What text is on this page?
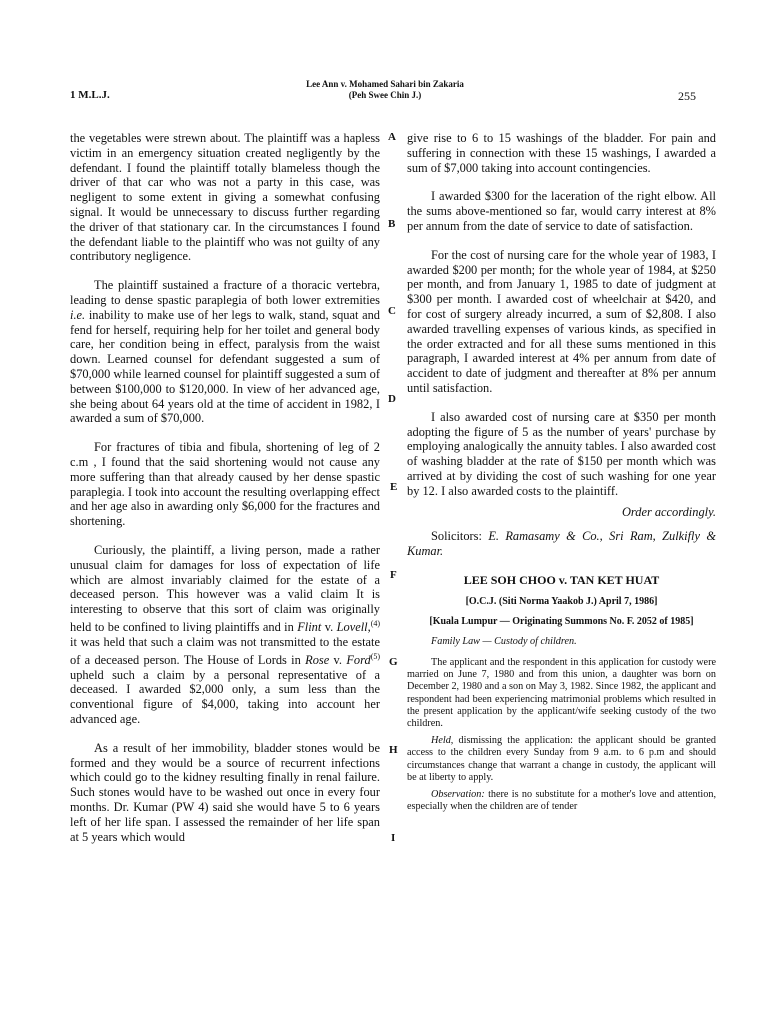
1 M.L.J.
Lee Ann v. Mohamed Sahari bin Zakaria
(Peh Swee Chin J.)	255
A
B
C
D
E
F
G
H
I

the vegetables were strewn about. The plaintiff was a hapless victim in an emergency situation created negligently by the defendant. I found the plaintiff totally blameless though the driver of that car who was not a party in this case, was negligent to some extent in giving a somewhat confusing signal. It would be unnecessary to discuss further regarding the driver of that stationary car. In the circumstances I found the defendant liable to the plaintiff who was not guilty of any contributory negligence.

The plaintiff sustained a fracture of a thoracic vertebra, leading to dense spastic paraplegia of both lower extremities i.e. inability to make use of her legs to walk, stand, squat and fend for herself, requiring help for her toilet and general body care, her condition being in effect, paralysis from the waist down. Learned counsel for defendant suggested a sum of $70,000 while learned counsel for plaintiff suggested a sum of between $100,000 to $120,000. In view of her advanced age, she being about 64 years old at the time of accident in 1982, I awarded a sum of $70,000.

For fractures of tibia and fibula, shortening of leg of 2 c.m , I found that the said shortening would not cause any more suffering than that already caused by her dense spastic paraplegia. I took into account the resulting overlapping effect and her age also in awarding only $6,000 for the fractures and shortening.

Curiously, the plaintiff, a living person, made a rather unusual claim for damages for loss of expectation of life which are almost invariably claimed for the estate of a deceased person. This however was a valid claim It is interesting to observe that this sort of claim was originally held to be confined to living plaintiffs and in Flint v. Lovell,$^{(4)}$ it was held that such a claim was not transmitted to the estate of a deceased person. The House of Lords in Rose v. Ford$^{(5)}$ upheld such a claim by a personal representative of a deceased. I awarded $2,000 only, a sum less than the conventional figure of $4,000, taking into account her advanced age.

As a result of her immobility, bladder stones would be formed and they would be a source of recurrent infections which could go to the kidney resulting finally in renal failure. Such stones would have to be washed out once in every four months. Dr. Kumar (PW 4) said she would have 5 to 6 years left of her life span. I assessed the remainder of her life span at 5 years which would

give rise to 6 to 15 washings of the bladder. For pain and suffering in connection with these 15 washings, I awarded a sum of $7,000 taking into account contingencies.

I awarded $300 for the laceration of the right elbow. All the sums above-mentioned so far, would carry interest at 8% per annum from the date of service to date of satisfaction.

For the cost of nursing care for the whole year of 1983, I awarded $200 per month; for the whole year of 1984, at $250 per month, and from January 1, 1985 to date of judgment at $300 per month. I awarded cost of wheelchair at $420, and for cost of surgery already incurred, a sum of $2,808. I also awarded travelling expenses of various kinds, as specified in the order extracted and for all these sums mentioned in this paragraph, I awarded interest at 4% per annum from date of accident to date of judgment and thereafter at 8% per annum until satisfaction.

I also awarded cost of nursing care at $350 per month adopting the figure of 5 as the number of years' purchase by employing analogically the annuity tables. I also awarded cost of washing bladder at the rate of $150 per month which was arrived at by dividing the cost of such washing for one year by 12. I also awarded costs to the plaintiff.

Order accordingly.

Solicitors: E. Ramasamy & Co., Sri Ram, Zulkifly & Kumar.

LEE SOH CHOO v. TAN KET HUAT
[O.C.J. (Siti Norma Yaakob J.) April 7, 1986]
[Kuala Lumpur — Originating Summons No. F. 2052 of 1985]

Family Law — Custody of children.

The applicant and the respondent in this application for custody were married on June 7, 1980 and from this union, a daughter was born on December 2, 1980 and a son on May 3, 1982. Since 1982, the applicant and respondent had been experiencing matrimonial problems which resulted in the present application by the applicant/wife seeking custody of the two children.

Held, dismissing the application: the applicant should be granted access to the children every Sunday from 9 a.m. to 6 p.m and should circumstances change that warrant a change in custody, the applicant will be at liberty to apply.

Observation: there is no substitute for a mother's love and attention, especially when the children are of tender
